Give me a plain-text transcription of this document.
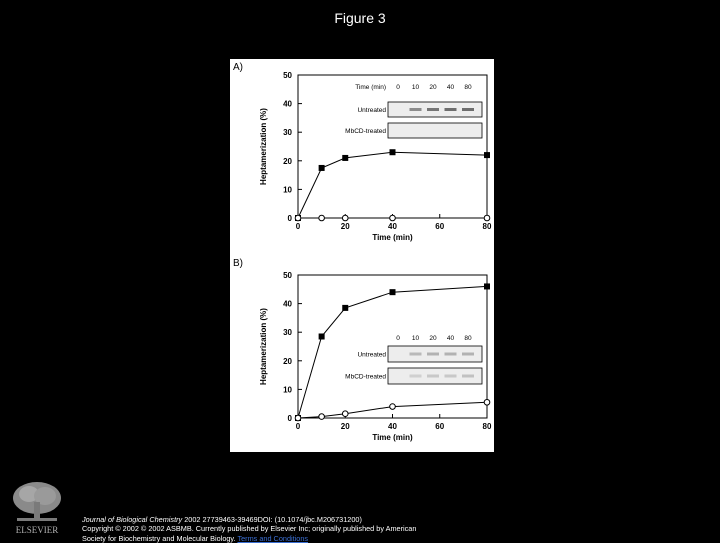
Figure 3
A)
0
10
20
30
40
50
0	20	40	60	80
Time (min)
Heptamerization (%)
Time (min) 0 10 20 40 80
Untreated
MbCD-treated
B)
0
10
20
30
40
50
0	20	40	60	80
Time (min)
Heptamerization (%)	0 10 20 40 80
Untreated
MbCD-treated
ELSEVIER
Journal of Biological Chemistry 2002 27739463-39469DOI: (10.1074/jbc.M206731200)
Copyright © 2002 © 2002 ASBMB. Currently published by Elsevier Inc; originally published by American
Society for Biochemistry and Molecular Biology. Terms and Conditions
